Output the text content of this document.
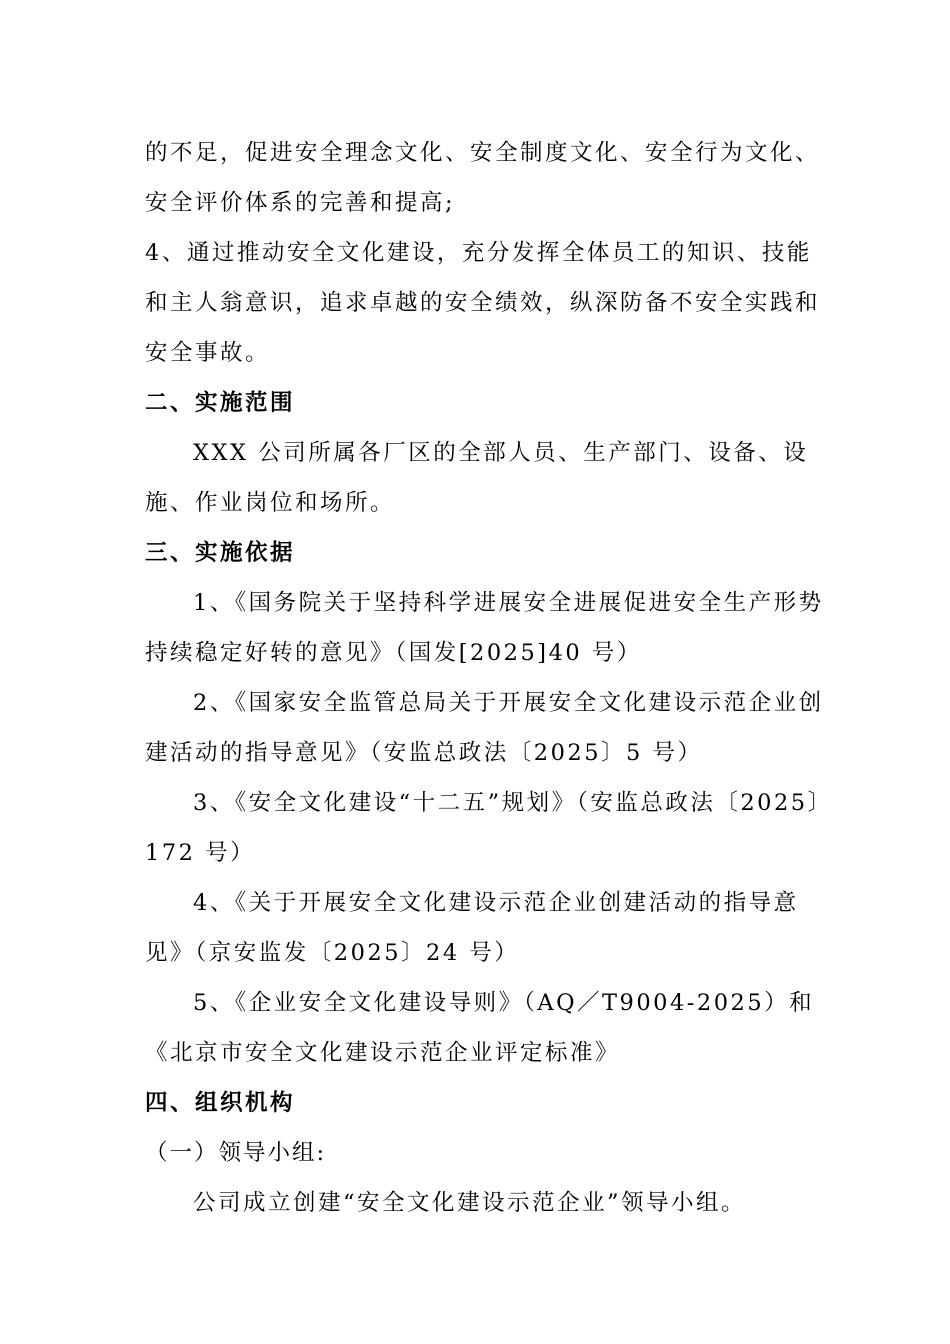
的不足，促进安全理念文化、安全制度文化、安全行为文化、安全评价体系的完善和提高;

4、通过推动安全文化建设，充分发挥全体员工的知识、技能和主人翁意识，追求卓越的安全绩效，纵深防备不安全实践和安全事故。

二、实施范围

XXX 公司所属各厂区的全部人员、生产部门、设备、设施、作业岗位和场所。

三、实施依据

1、《国务院关于坚持科学进展安全进展促进安全生产形势持续稳定好转的意见》（国发[2025]40 号）

2、《国家安全监管总局关于开展安全文化建设示范企业创建活动的指导意见》（安监总政法〔2025〕5 号）

3、《安全文化建设“十二五”规划》（安监总政法〔2025〕172 号）

4、《关于开展安全文化建设示范企业创建活动的指导意见》（京安监发〔2025〕24 号）

5、《企业安全文化建设导则》（AQ／T9004-2025）和《北京市安全文化建设示范企业评定标准》

四、组织机构

（一）领导小组:

公司成立创建“安全文化建设示范企业”领导小组。
